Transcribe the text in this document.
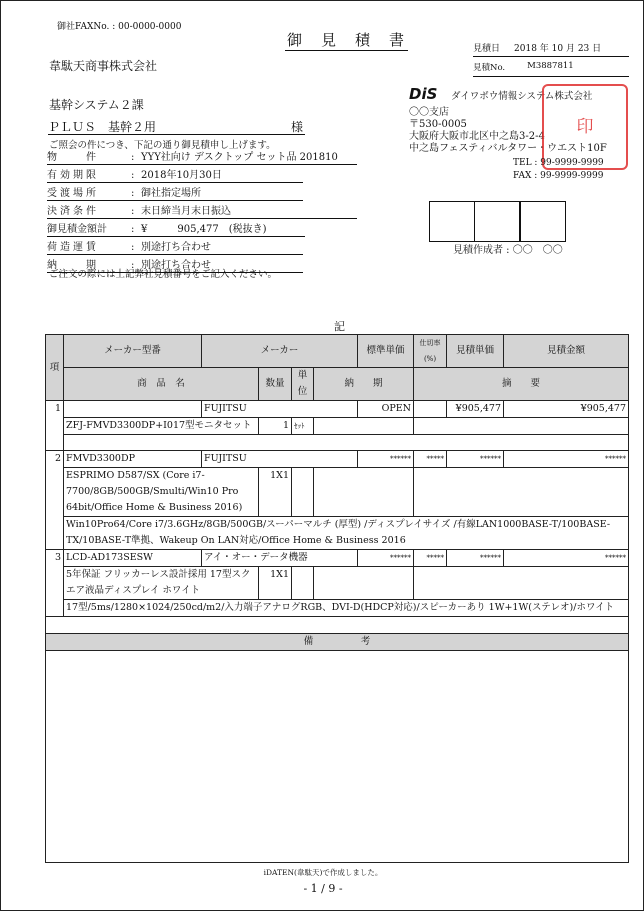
御社FAXNo. : 00-0000-0000
御　見　積　書	見積日 2018 年 10 月 23 日
見積No.	M3887811
韋駄天商事株式会社
基幹システム２課
ＰＬＵＳ　基幹２用	様
ご照会の件につき、下記の通り御見積申し上げます。
物　　件	: YYY社向け デスクトップ セット品 201810
有効期限	: 2018年10月30日
受渡場所	: 御社指定場所
決済条件	: 末日締当月末日振込
御見積金額計	: ¥　　　905,477　(税抜き)
荷造運賃	: 別途打ち合わせ
納　　期	: 別途打ち合わせ
ご注文の際には上記弊社見積番号をご記入ください。
DiS ダイワボウ情報システム株式会社
〇〇支店
〒530-0005
大阪府大阪市北区中之島3-2-4
中之島フェスティバルタワー・ウエスト10F
印
TEL : 99-9999-9999
FAX : 99-9999-9999
見積作成者 : 〇〇　〇〇
記
項	メーカー型番	メーカー				標準単価	仕切率(%)	見積単価	見積金額
	商　品　名		数量	単位	納　　期		摘　　要		
1		FUJITSU				OPEN		¥905,477	¥905,477
	ZFJ-FMVD3300DP+I017型モニタセット		1	ｾｯﾄ					

2	FMVD3300DP	FUJITSU				******	*****	******	******
	ESPRIMO D587/SX (Core i7-7700/8GB/500GB/Smulti/Win10 Pro 64bit/Office Home & Business 2016)		1X1						
	Win10Pro64/Core i7/3.6GHz/8GB/500GB/スーパーマルチ (厚型) /ディスプレイサイズ /有線LAN1000BASE-T/100BASE-TX/10BASE-T準拠、Wakeup On LAN対応/Office Home & Business 2016								
3	LCD-AD173SESW	アイ・オー・データ機器				******	*****	******	******
	5年保証 フリッカーレス設計採用 17型スクエア液晶ディスプレイ ホワイト		1X1						
	17型/5ms/1280×1024/250cd/m2/入力端子アナログRGB、DVI-D(HDCP対応)/スピーカーあり 1W+1W(ステレオ)/ホワイト								

備　　　　　考									

iDATEN(韋駄天)で作成しました。
- 1 / 9 -
